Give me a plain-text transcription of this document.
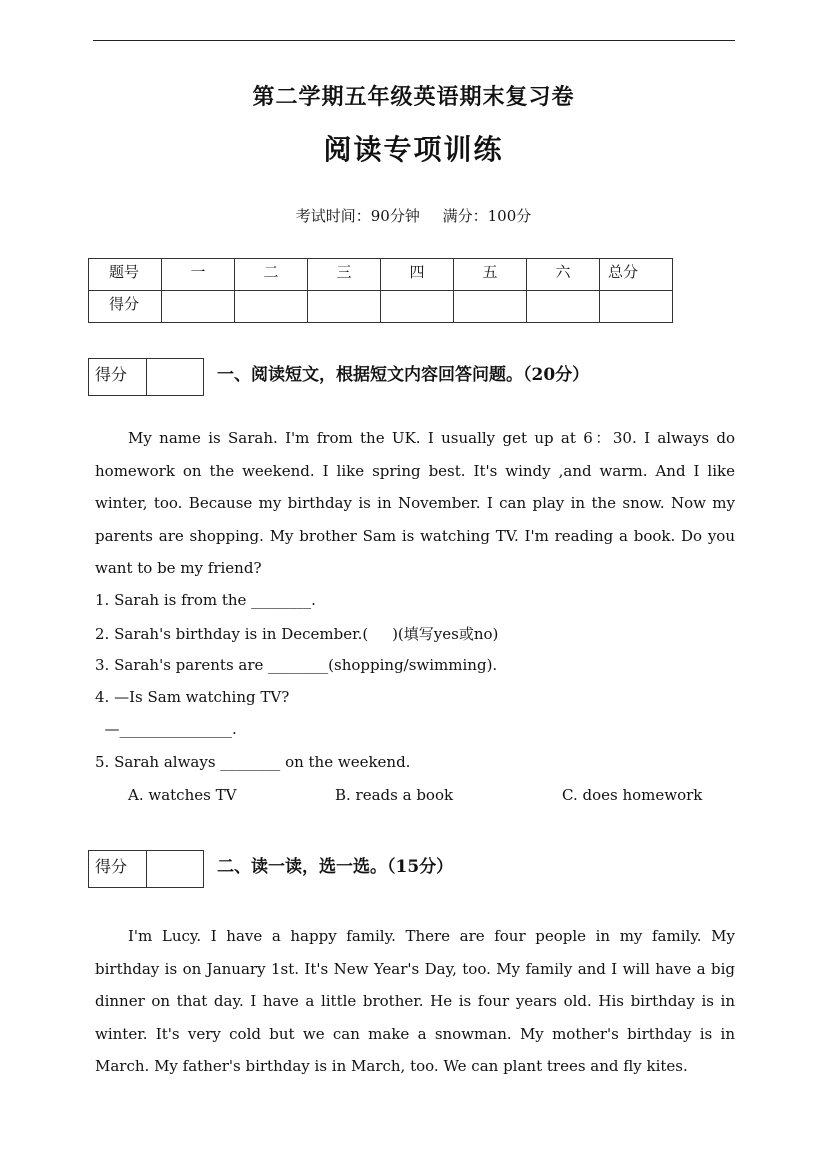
第二学期五年级英语期末复习卷
阅读专项训练
考试时间：90分钟 满分：100分
题号	一	二	三	四	五	六	总分
得分							
得分	一、阅读短文，根据短文内容回答问题。（20分）

My name is Sarah. I'm from the UK. I usually get up at 6：30. I always do homework on the weekend. I like spring best. It's windy ,and warm. And I like winter, too. Because my birthday is in November. I can play in the snow. Now my parents are shopping. My brother Sam is watching TV. I'm reading a book. Do you want to be my friend?

1. Sarah is from the ________.
2. Sarah's birthday is in December.(     )(填写yes或no)
3. Sarah's parents are ________(shopping/swimming).
4. —Is Sam watching TV?
—_______________.
5. Sarah always ________ on the weekend.
A. watches TV	B. reads a book	C. does homework
得分	二、读一读，选一选。（15分）

I'm Lucy. I have a happy family. There are four people in my family. My birthday is on January 1st. It's New Year's Day, too. My family and I will have a big dinner on that day. I have a little brother. He is four years old. His birthday is in winter. It's very cold but we can make a snowman. My mother's birthday is in March. My father's birthday is in March, too. We can plant trees and fly kites.
